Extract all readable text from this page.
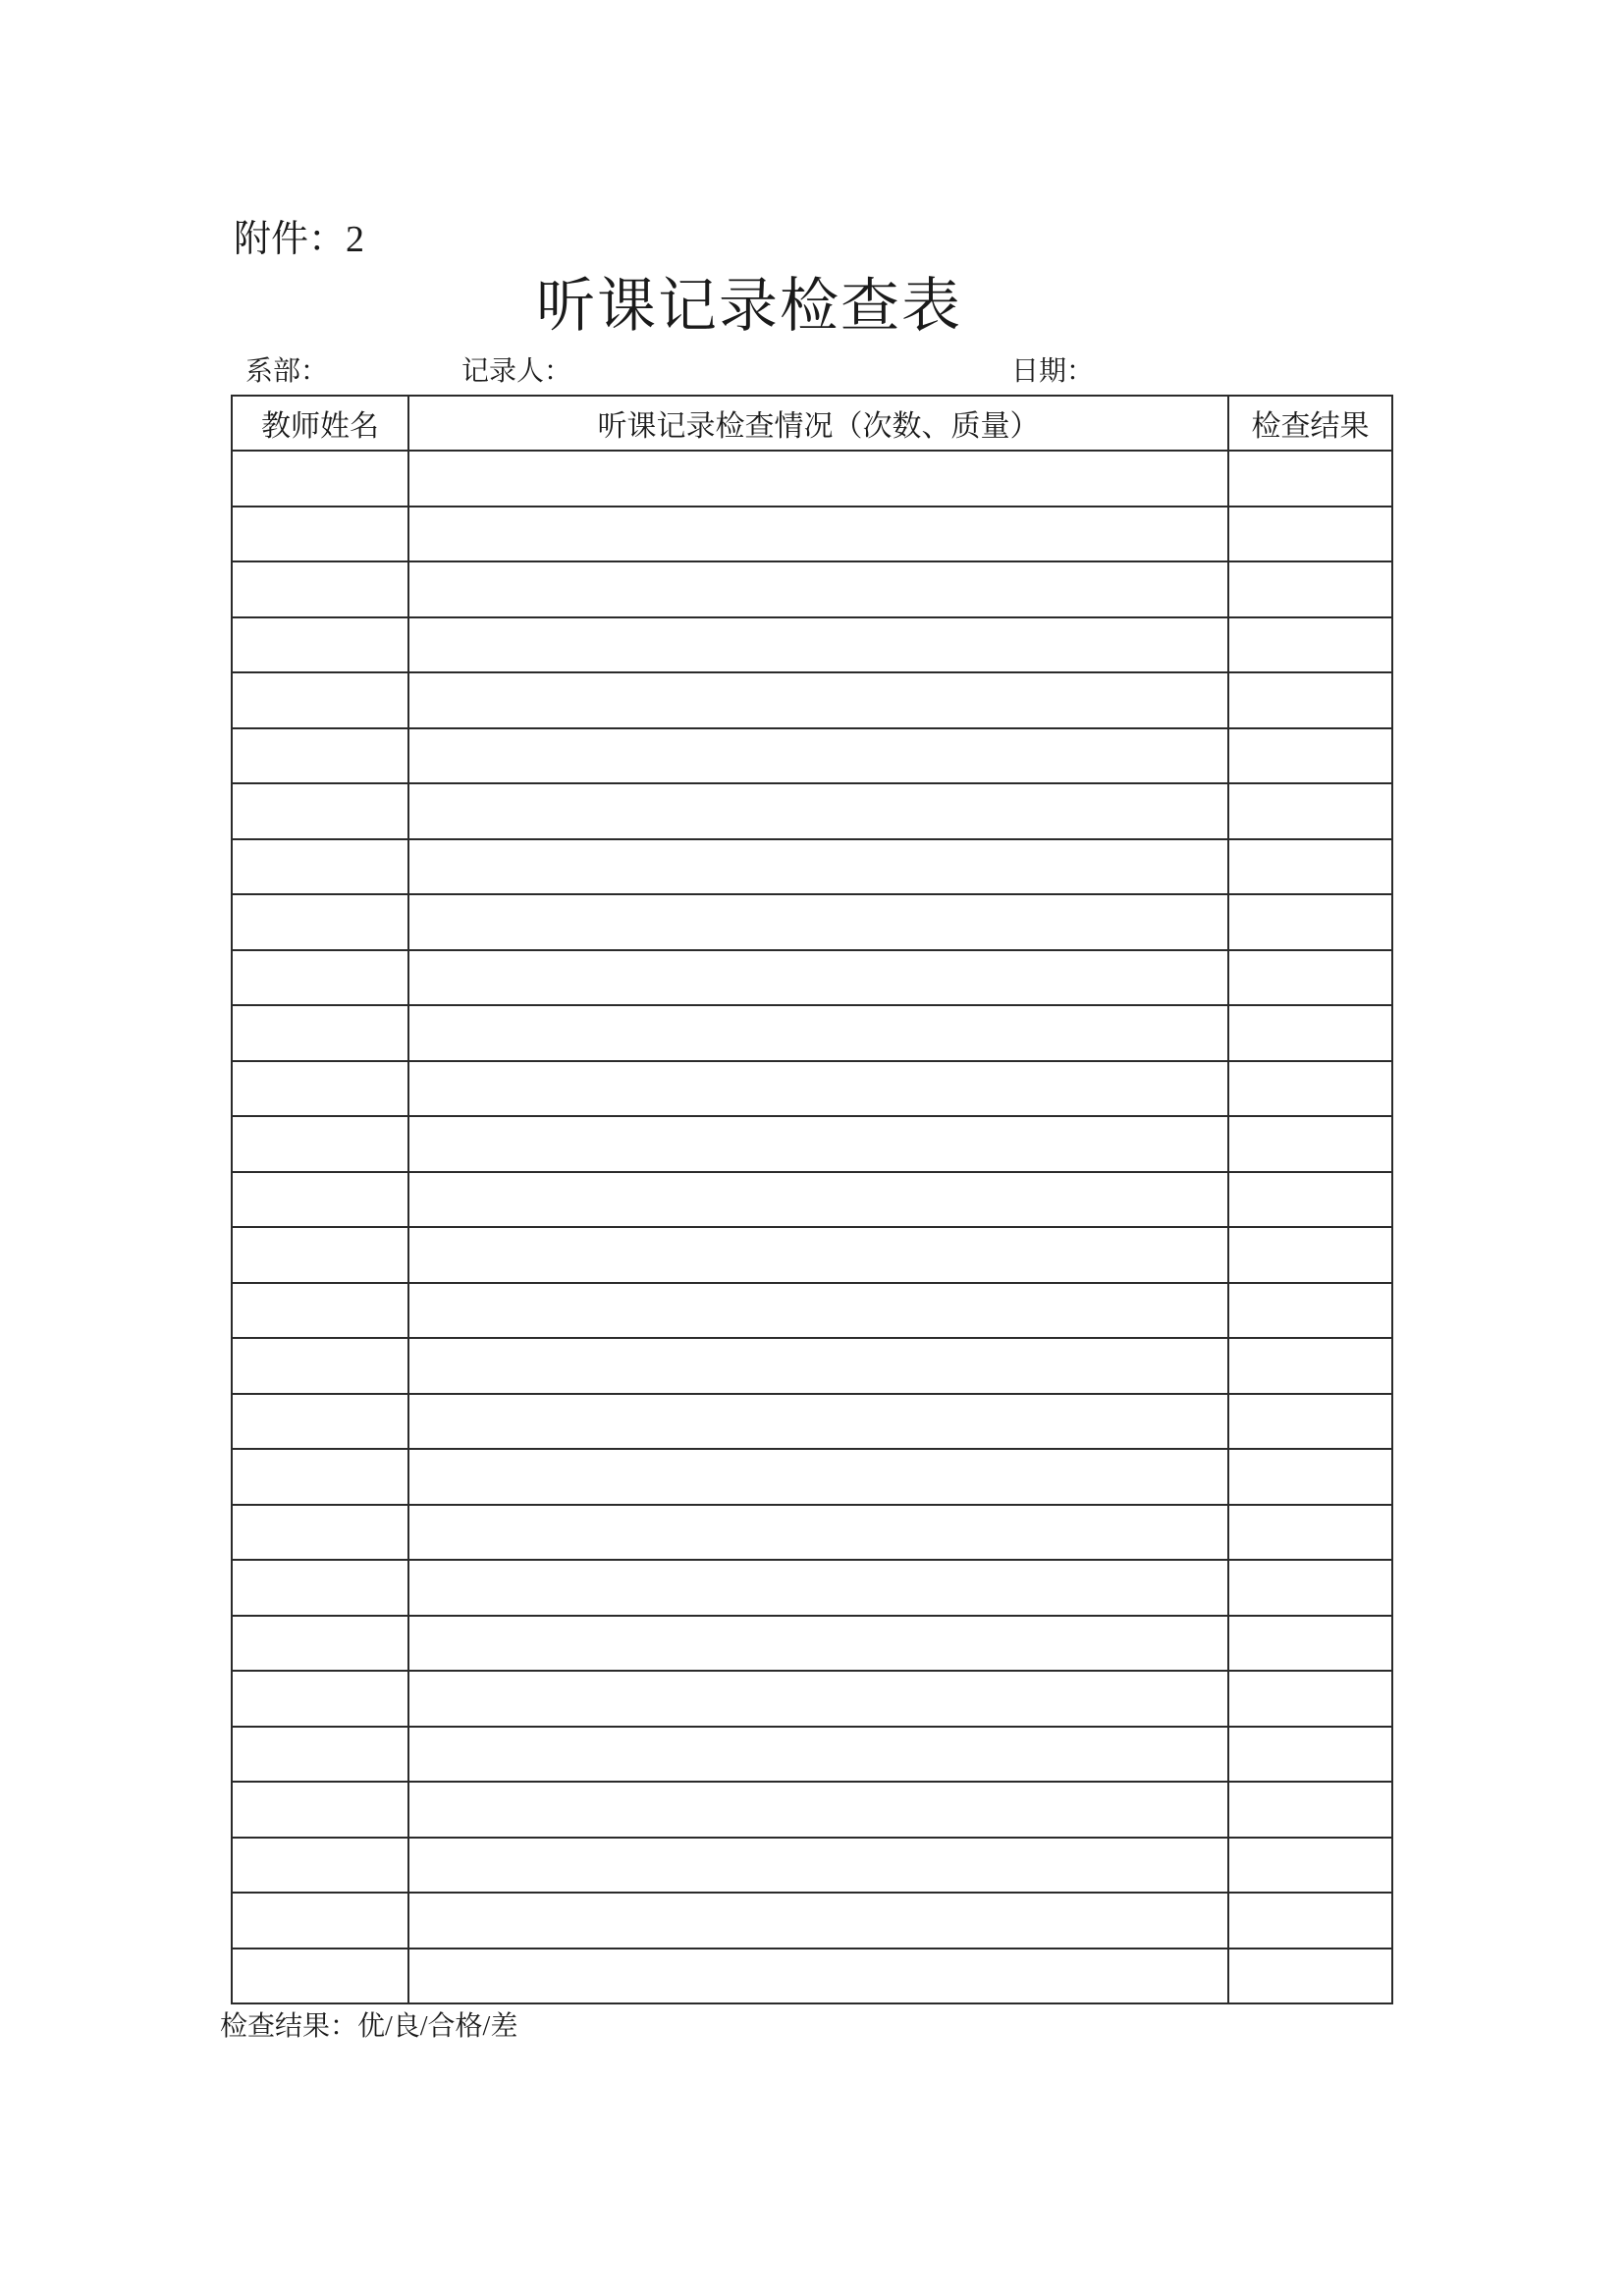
附件：2
听课记录检查表
系部：	记录人：	日期：
教师姓名	听课记录检查情况（次数、质量）	检查结果

检查结果：优/良/合格/差
